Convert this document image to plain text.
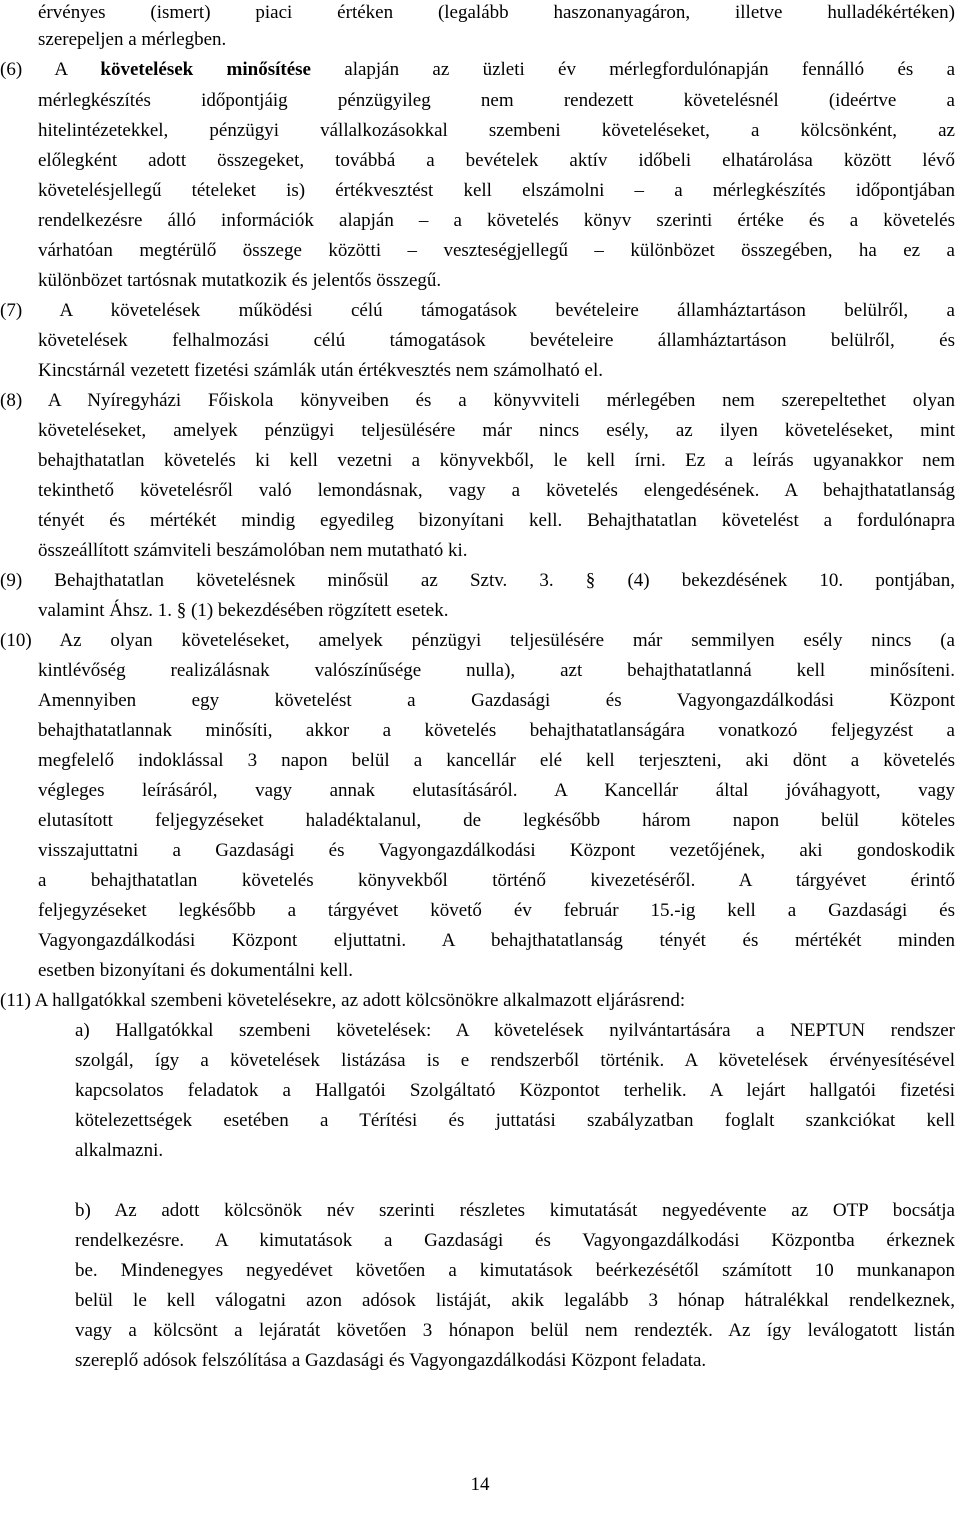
érvényes (ismert) piaci értéken (legalább haszonanyagáron, illetve hulladékértéken)

szerepeljen a mérlegben.

(6) A követelések minősítése alapján az üzleti év mérlegfordulónapján fennálló és a

mérlegkészítés időpontjáig pénzügyileg nem rendezett követelésnél (ideértve a

hitelintézetekkel, pénzügyi vállalkozásokkal szembeni követeléseket, a kölcsönként, az

előlegként adott összegeket, továbbá a bevételek aktív időbeli elhatárolása között lévő

követelésjellegű tételeket is) értékvesztést kell elszámolni – a mérlegkészítés időpontjában

rendelkezésre álló információk alapján – a követelés könyv szerinti értéke és a követelés

várhatóan megtérülő összege közötti – veszteségjellegű – különbözet összegében, ha ez a

különbözet tartósnak mutatkozik és jelentős összegű.

(7) A követelések működési célú támogatások bevételeire államháztartáson belülről, a

követelések felhalmozási célú támogatások bevételeire államháztartáson belülről, és

Kincstárnál vezetett fizetési számlák után értékvesztés nem számolható el.

(8) A Nyíregyházi Főiskola könyveiben és a könyvviteli mérlegében nem szerepeltethet olyan

követeléseket, amelyek pénzügyi teljesülésére már nincs esély, az ilyen követeléseket, mint

behajthatatlan követelés ki kell vezetni a könyvekből, le kell írni. Ez a leírás ugyanakkor nem

tekinthető követelésről való lemondásnak, vagy a követelés elengedésének. A behajthatatlanság

tényét és mértékét mindig egyedileg bizonyítani kell. Behajthatatlan követelést a fordulónapra

összeállított számviteli beszámolóban nem mutatható ki.

(9) Behajthatatlan követelésnek minősül az Sztv. 3. § (4) bekezdésének 10. pontjában,

valamint Áhsz. 1. § (1) bekezdésében rögzített esetek.

(10) Az olyan követeléseket, amelyek pénzügyi teljesülésére már semmilyen esély nincs (a

kintlévőség realizálásnak valószínűsége nulla), azt behajthatatlanná kell minősíteni.

Amennyiben egy követelést a Gazdasági és Vagyongazdálkodási Központ

behajthatatlannak minősíti, akkor a követelés behajthatatlanságára vonatkozó feljegyzést a

megfelelő indoklással 3 napon belül a kancellár elé kell terjeszteni, aki dönt a követelés

végleges leírásáról, vagy annak elutasításáról. A Kancellár által jóváhagyott, vagy

elutasított feljegyzéseket haladéktalanul, de legkésőbb három napon belül köteles

visszajuttatni a Gazdasági és Vagyongazdálkodási Központ vezetőjének, aki gondoskodik

a behajthatatlan követelés könyvekből történő kivezetéséről. A tárgyévet érintő

feljegyzéseket legkésőbb a tárgyévet követő év február 15.-ig kell a Gazdasági és

Vagyongazdálkodási Központ eljuttatni. A behajthatatlanság tényét és mértékét minden

esetben bizonyítani és dokumentálni kell.

(11) A hallgatókkal szembeni követelésekre, az adott kölcsönökre alkalmazott eljárásrend:

a) Hallgatókkal szembeni követelések: A követelések nyilvántartására a NEPTUN rendszer

szolgál, így a követelések listázása is e rendszerből történik. A követelések érvényesítésével

kapcsolatos feladatok a Hallgatói Szolgáltató Központot terhelik. A lejárt hallgatói fizetési

kötelezettségek esetében a Térítési és juttatási szabályzatban foglalt szankciókat kell

alkalmazni.

b) Az adott kölcsönök név szerinti részletes kimutatását negyedévente az OTP bocsátja

rendelkezésre. A kimutatások a Gazdasági és Vagyongazdálkodási Központba érkeznek

be. Mindenegyes negyedévet követően a kimutatások beérkezésétől számított 10 munkanapon

belül le kell válogatni azon adósok listáját, akik legalább 3 hónap hátralékkal rendelkeznek,

vagy a kölcsönt a lejáratát követően 3 hónapon belül nem rendezték. Az így leválogatott listán

szereplő adósok felszólítása a Gazdasági és Vagyongazdálkodási Központ feladata.

14
